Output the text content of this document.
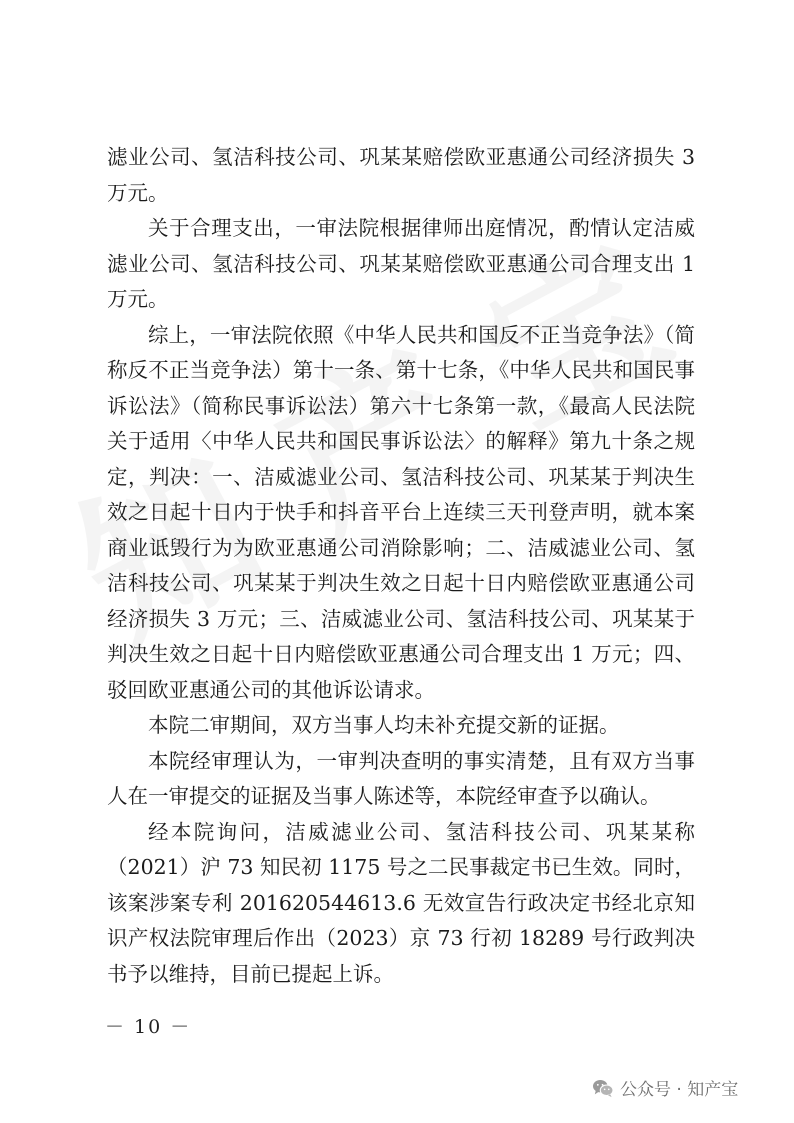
滤业公司、氢洁科技公司、巩某某赔偿欧亚惠通公司经济损失 3 万元。

关于合理支出，一审法院根据律师出庭情况，酌情认定洁威滤业公司、氢洁科技公司、巩某某赔偿欧亚惠通公司合理支出 1 万元。

综上，一审法院依照《中华人民共和国反不正当竞争法》（简称反不正当竞争法）第十一条、第十七条，《中华人民共和国民事诉讼法》（简称民事诉讼法）第六十七条第一款，《最高人民法院关于适用〈中华人民共和国民事诉讼法〉的解释》第九十条之规定，判决：一、洁威滤业公司、氢洁科技公司、巩某某于判决生效之日起十日内于快手和抖音平台上连续三天刊登声明，就本案商业诋毁行为为欧亚惠通公司消除影响；二、洁威滤业公司、氢洁科技公司、巩某某于判决生效之日起十日内赔偿欧亚惠通公司经济损失 3 万元；三、洁威滤业公司、氢洁科技公司、巩某某于判决生效之日起十日内赔偿欧亚惠通公司合理支出 1 万元；四、驳回欧亚惠通公司的其他诉讼请求。

本院二审期间，双方当事人均未补充提交新的证据。

本院经审理认为，一审判决查明的事实清楚，且有双方当事人在一审提交的证据及当事人陈述等，本院经审查予以确认。

经本院询问，洁威滤业公司、氢洁科技公司、巩某某称（2021）沪 73 知民初 1175 号之二民事裁定书已生效。同时，该案涉案专利 201620544613.6 无效宣告行政决定书经北京知识产权法院审理后作出（2023）京 73 行初 18289 号行政判决书予以维持，目前已提起上诉。

－ 10 －
公众号 · 知产宝
